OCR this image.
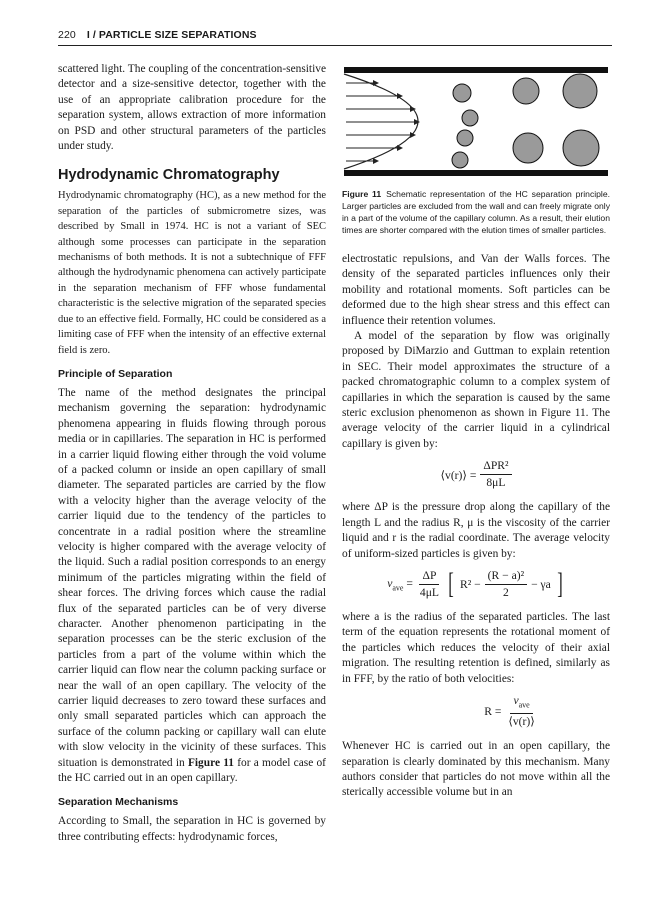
220 I / PARTICLE SIZE SEPARATIONS

scattered light. The coupling of the concentration-sensitive detector and a size-sensitive detector, together with the use of an appropriate calibration procedure for the separation system, allows extraction of more information on PSD and other structural parameters of the particles under study.

Hydrodynamic Chromatography

Hydrodynamic chromatography (HC), as a new method for the separation of the particles of submicrometre sizes, was described by Small in 1974. HC is not a variant of SEC although some processes can participate in the separation mechanisms of both methods. It is not a subtechnique of FFF although the hydrodynamic phenomena can actively participate in the separation mechanism of FFF whose fundamental characteristic is the selective migration of the separated species due to an effective field. Formally, HC could be considered as a limiting case of FFF when the intensity of an effective external field is zero.

Principle of Separation

The name of the method designates the principal mechanism governing the separation: hydrodynamic phenomena appearing in fluids flowing through porous media or in capillaries. The separation in HC is performed in a carrier liquid flowing either through the void volume of a packed column or inside an open capillary of small diameter. The separated particles are carried by the flow with a velocity higher than the average velocity of the carrier liquid due to the tendency of the particles to concentrate in a radial position where the streamline velocity is higher compared with the average velocity of the liquid. Such a radial position corresponds to an energy minimum of the particles migrating within the field of shear forces. The driving forces which cause the radial flux of the separated particles can be of very diverse character. Another phenomenon participating in the separation processes can be the steric exclusion of the particles from a part of the volume within which the carrier liquid can flow near the column packing surface or near the wall of an open capillary. The velocity of the carrier liquid decreases to zero toward these surfaces and only small separated particles which can approach the surface of the column packing or capillary wall can elute with slow velocity in the vicinity of these surfaces. This situation is demonstrated in Figure 11 for a model case of the HC carried out in an open capillary.

Separation Mechanisms

According to Small, the separation in HC is governed by three contributing effects: hydrodynamic forces,

Figure 11 Schematic representation of the HC separation principle. Larger particles are excluded from the wall and can freely migrate only in a part of the volume of the capillary column. As a result, their elution times are shorter compared with the elution times of smaller particles.

electrostatic repulsions, and Van der Walls forces. The density of the separated particles influences only their mobility and rotational moments. Soft particles can be deformed due to the high shear stress and this effect can influence their retention volumes.

A model of the separation by flow was originally proposed by DiMarzio and Guttman to explain retention in SEC. Their model approximates the structure of a packed chromatographic column to a complex system of capillaries in which the separation is caused by the same steric exclusion phenomenon as shown in Figure 11. The average velocity of the carrier liquid in a cylindrical capillary is given by:

⟨v(r)⟩ = $\frac{\text{ΔPR²}}{8\mu L}$

where ΔP is the pressure drop along the capillary of the length L and the radius R, μ is the viscosity of the carrier liquid and r is the radial coordinate. The average velocity of uniform-sized particles is given by:

$v_{ave} = \frac{\Delta P}{4\mu L}$ [ $R^2 - \frac{\text{(R − a)²}}{2} - \gamma a$ ]

where a is the radius of the separated particles. The last term of the equation represents the rotational moment of the particles which reduces the velocity of their axial migration. The resulting retention is defined, similarly as in FFF, by the ratio of both velocities:

$R = \frac{v_{ave}}{⟨v(r)⟩}$

Whenever HC is carried out in an open capillary, the separation is clearly dominated by this mechanism. Many authors consider that particles do not move within all the sterically accessible volume but in an
